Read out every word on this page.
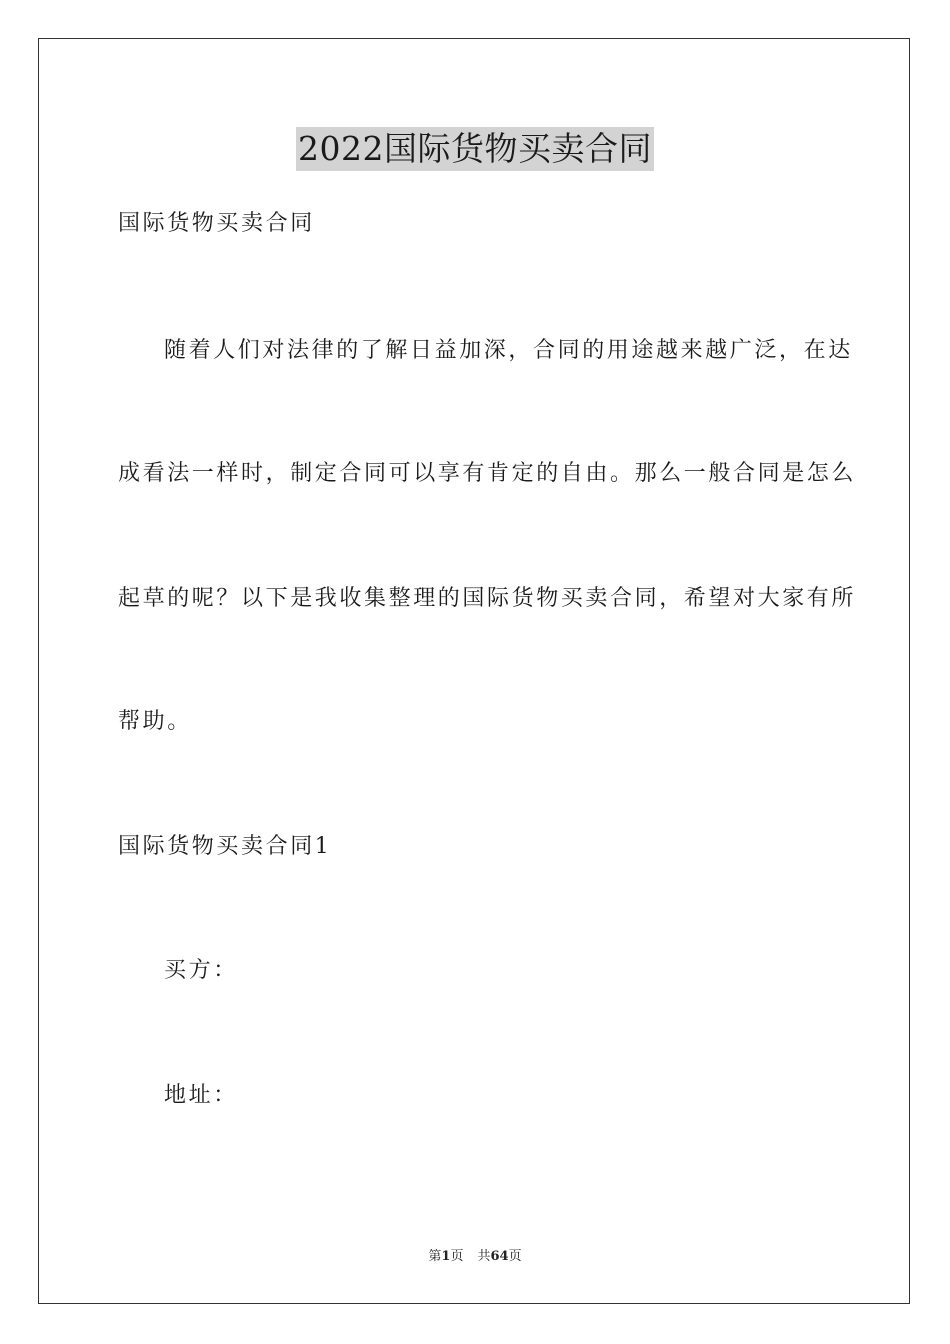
2022国际货物买卖合同
国际货物买卖合同
随着人们对法律的了解日益加深，合同的用途越来越广泛，在达
成看法一样时，制定合同可以享有肯定的自由。那么一般合同是怎么
起草的呢？以下是我收集整理的国际货物买卖合同，希望对大家有所
帮助。
国际货物买卖合同1
买方：
地址：
第1页 共64页
